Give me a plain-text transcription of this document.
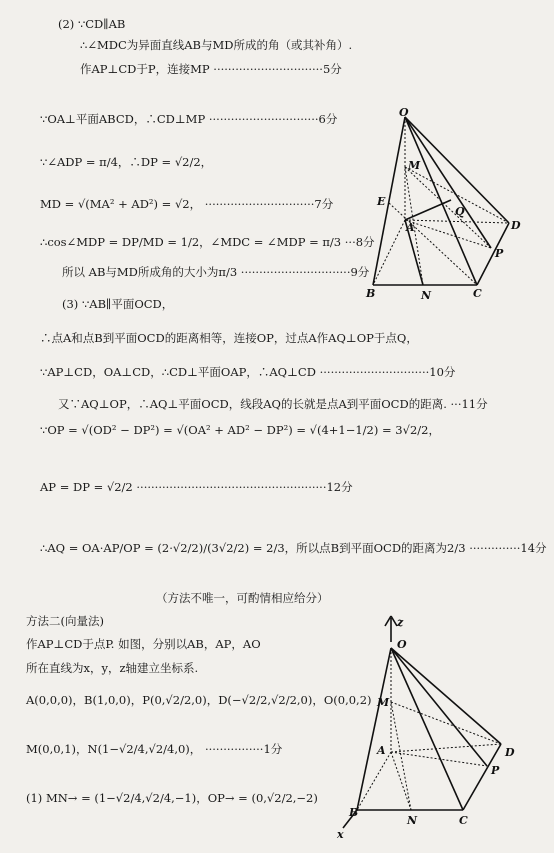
(2) ∵CD∥AB
∴∠MDC为异面直线AB与MD所成的角（或其补角）.
作AP⊥CD于P，连接MP ······························5分
∵OA⊥平面ABCD，∴CD⊥MP ······························6分
∵∠ADP = π/4，∴DP = √2/2，
MD = √(MA² + AD²) = √2， ······························7分
∴cos∠MDP = DP/MD = 1/2，∠MDC = ∠MDP = π/3 ···8分
所以 AB与MD所成角的大小为π/3 ······························9分
(3) ∵AB∥平面OCD，
∴点A和点B到平面OCD的距离相等，连接OP，过点A作AQ⊥OP于点Q，
∵AP⊥CD，OA⊥CD，∴CD⊥平面OAP，∴AQ⊥CD ······························10分
又∵AQ⊥OP，∴AQ⊥平面OCD，线段AQ的长就是点A到平面OCD的距离. ···11分
∵OP = √(OD² − DP²) = √(OA² + AD² − DP²) = √(4+1−1/2) = 3√2/2，
AP = DP = √2/2 ····················································12分
∴AQ = OA·AP/OP = (2·√2/2)/(3√2/2) = 2/3，所以点B到平面OCD的距离为2/3 ··············14分
（方法不唯一，可酌情相应给分）
方法二(向量法)
作AP⊥CD于点P. 如图，分别以AB，AP，AO
所在直线为x，y，z轴建立坐标系.
A(0,0,0)，B(1,0,0)，P(0,√2/2,0)，D(−√2/2,√2/2,0)，O(0,0,2)
M(0,0,1)，N(1−√2/4,√2/4,0)， ················1分
(1) MN→ = (1−√2/4,√2/4,−1)，OP→ = (0,√2/2,−2)
O
M
E
Q
D
A
P
B	N	C
z
O
M
A	D
P
B
N	C
x
